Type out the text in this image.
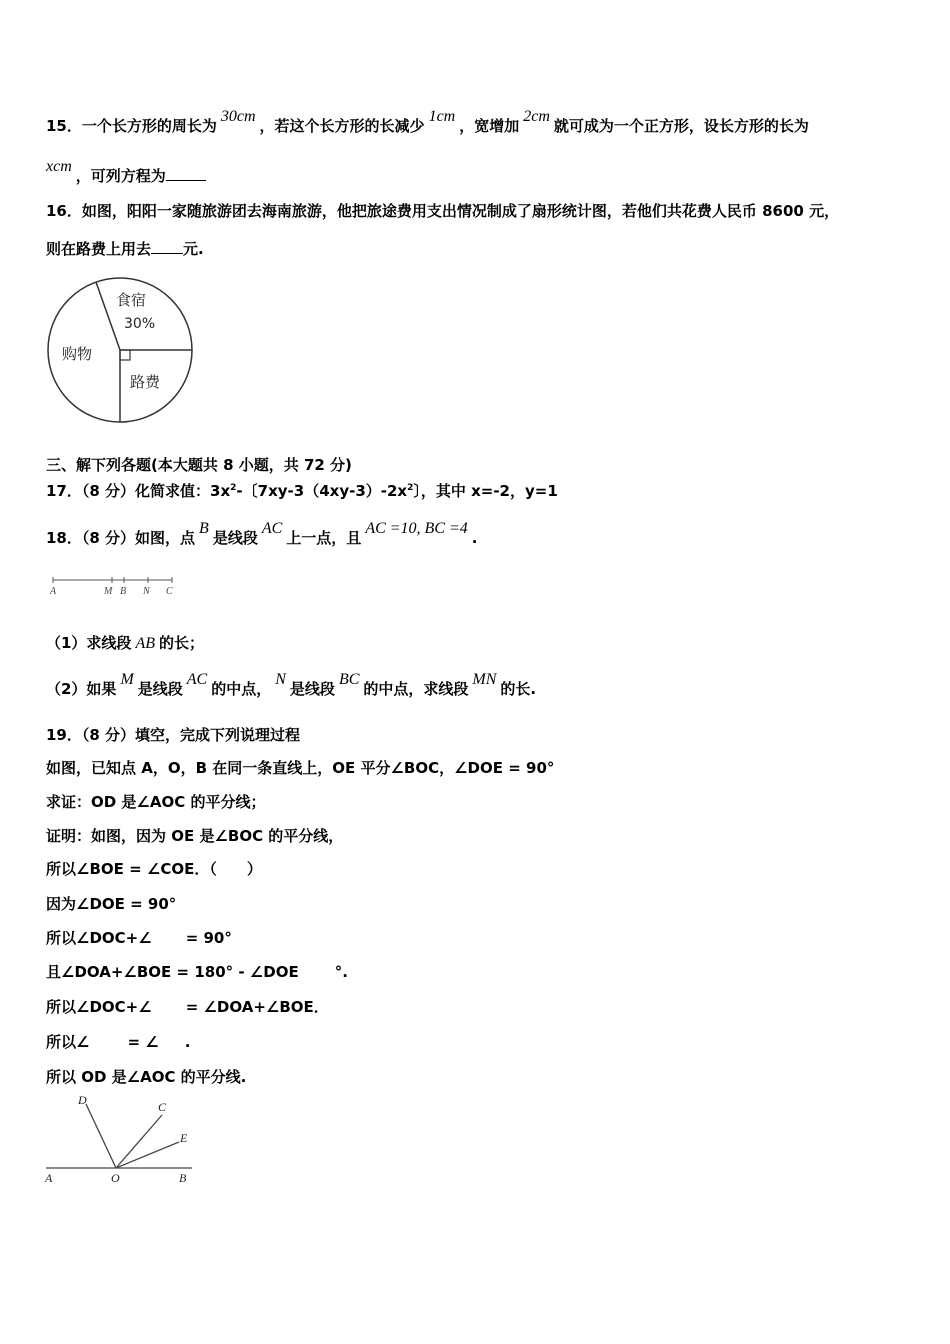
15．一个长方形的周长为30cm，若这个长方形的长减少1cm，宽增加2cm就可成为一个正方形，设长方形的长为
xcm，可列方程为
16．如图，阳阳一家随旅游团去海南旅游，他把旅途费用支出情况制成了扇形统计图，若他们共花费人民币 8600 元，
则在路费上用去 元.
食宿
30%
路费
购物
三、解下列各题(本大题共 8 小题，共 72 分)
17．（8 分）化简求值：$3x^2-$〔$7xy-3(4xy-3)-2x^2$〕，其中 x=-2，y=1
18．（8 分）如图，点B是线段AC上一点，且AC =10, BC =4.
A	M B N C
（1）求线段 AB 的长；
（2）如果M是线段AC的中点，N是线段BC的中点，求线段MN的长.
19．（8 分）填空，完成下列说理过程
如图，已知点 A，O，B 在同一条直线上，OE 平分∠BOC，∠DOE = 90°
求证：OD 是∠AOC 的平分线；
证明：如图，因为 OE 是∠BOC 的平分线，
所以∠BOE = ∠COE．（ ）
因为∠DOE = 90°
所以∠DOC+∠ = 90°
且∠DOA+∠BOE = 180° - ∠DOE °.
所以∠DOC+∠ = ∠DOA+∠BOE．
所以∠	= ∠ .
所以 OD 是∠AOC 的平分线.
D	C
E
A	O	B
